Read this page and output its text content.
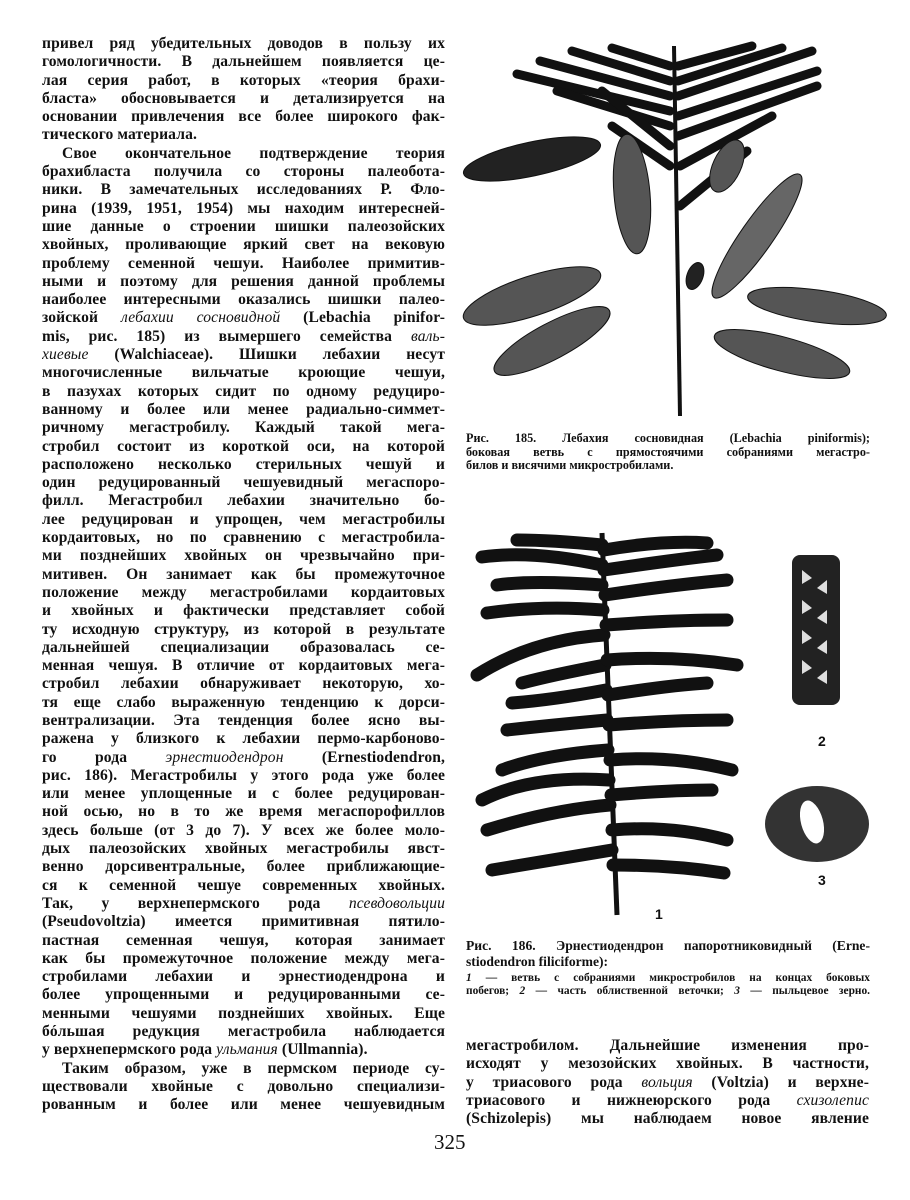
привел ряд убедительных доводов в пользу их
гомологичности. В дальнейшем появляется це-
лая серия работ, в которых «теория брахи-
бласта» обосновывается и детализируется на
основании привлечения все более широкого фак-
тического материала.
Свое окончательное подтверждение теория
брахибласта получила со стороны палеобота-
ники. В замечательных исследованиях Р. Фло-
рина (1939, 1951, 1954) мы находим интересней-
шие данные о строении шишки палеозойских
хвойных, проливающие яркий свет на вековую
проблему семенной чешуи. Наиболее примитив-
ными и поэтому для решения данной проблемы
наиболее интересными оказались шишки палео-
зойской лебахии сосновидной (Lebachia pinifor-
mis, рис. 185) из вымершего семейства валь-
хиевые (Walchiaceae). Шишки лебахии несут
многочисленные вильчатые кроющие чешуи,
в пазухах которых сидит по одному редуциро-
ванному и более или менее радиально-симмет-
ричному мегастробилу. Каждый такой мега-
стробил состоит из короткой оси, на которой
расположено несколько стерильных чешуй и
один редуцированный чешуевидный мегаспоро-
филл. Мегастробил лебахии значительно бо-
лее редуцирован и упрощен, чем мегастробилы
кордаитовых, но по сравнению с мегастробила-
ми позднейших хвойных он чрезвычайно при-
митивен. Он занимает как бы промежуточное
положение между мегастробилами кордаитовых
и хвойных и фактически представляет собой
ту исходную структуру, из которой в результате
дальнейшей специализации образовалась се-
менная чешуя. В отличие от кордаитовых мега-
стробил лебахии обнаруживает некоторую, хо-
тя еще слабо выраженную тенденцию к дорси-
вентрализации. Эта тенденция более ясно вы-
ражена у близкого к лебахии пермо-карбоново-
го рода эрнестиодендрон (Ernestiodendron,
рис. 186). Мегастробилы у этого рода уже более
или менее уплощенные и с более редуцирован-
ной осью, но в то же время мегаспорофиллов
здесь больше (от 3 до 7). У всех же более моло-
дых палеозойских хвойных мегастробилы явст-
венно дорсивентральные, более приближающие-
ся к семенной чешуе современных хвойных.
Так, у верхнепермского рода псевдовольции
(Pseudovoltzia) имеется примитивная пятило-
пастная семенная чешуя, которая занимает
как бы промежуточное положение между мега-
стробилами лебахии и эрнестиодендрона и
более упрощенными и редуцированными се-
менными чешуями позднейших хвойных. Еще
бóльшая редукция мегастробила наблюдается
у верхнепермского рода ульмания (Ullmannia).
Таким образом, уже в пермском периоде су-
ществовали хвойные с довольно специализи-
рованным и более или менее чешуевидным
Рис. 185. Лебахия сосновидная (Lebachia piniformis);
боковая ветвь с прямостоячими собраниями мегастро-
билов и висячими микростробилами.
1
2
3
Рис. 186. Эрнестиодендрон папоротниковидный (Erne-
stiodendron filiciforme):
1 — ветвь с собраниями микростробилов на концах боковых
побегов; 2 — часть облиственной веточки; 3 — пыльцевое зерно.
мегастробилом. Дальнейшие изменения про-
исходят у мезозойских хвойных. В частности,
у триасового рода вольция (Voltzia) и верхне-
триасового и нижнеюрского рода схизолепис
(Schizolepis) мы наблюдаем новое явление
325
